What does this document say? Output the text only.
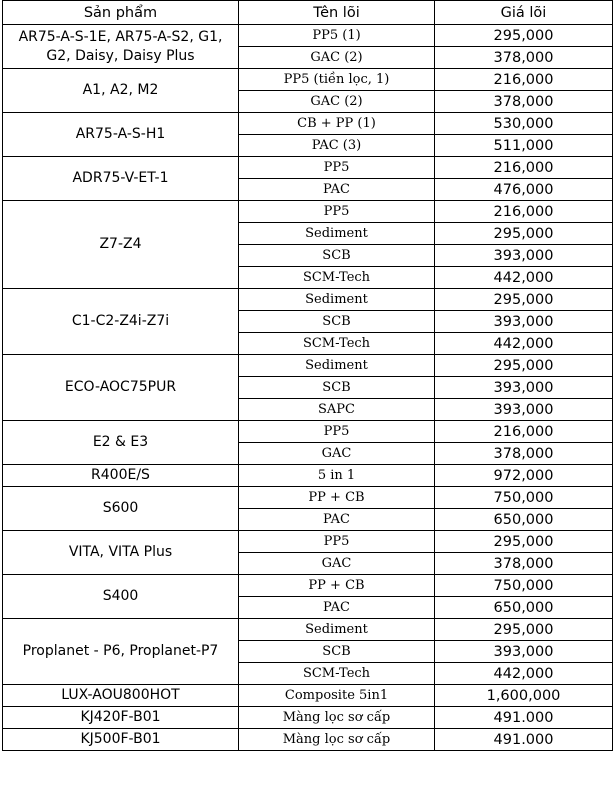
Sản phẩm	Tên lõi	Giá lõi
AR75-A-S-1E, AR75-A-S2, G1, G2, Daisy, Daisy Plus	PP5 (1)	295,000
	GAC (2)	378,000
A1, A2, M2	PP5 (tiền lọc, 1)	216,000
	GAC (2)	378,000
AR75-A-S-H1	CB + PP (1)	530,000
	PAC (3)	511,000
ADR75-V-ET-1	PP5	216,000
	PAC	476,000
Z7-Z4	PP5	216,000
	Sediment	295,000
	SCB	393,000
	SCM-Tech	442,000
C1-C2-Z4i-Z7i	Sediment	295,000
	SCB	393,000
	SCM-Tech	442,000
ECO-AOC75PUR	Sediment	295,000
	SCB	393,000
	SAPC	393,000
E2 & E3	PP5	216,000
	GAC	378,000
R400E/S	5 in 1	972,000
S600	PP + CB	750,000
	PAC	650,000
VITA, VITA Plus	PP5	295,000
	GAC	378,000
S400	PP + CB	750,000
	PAC	650,000
Proplanet - P6, Proplanet-P7	Sediment	295,000
	SCB	393,000
	SCM-Tech	442,000
LUX-AOU800HOT	Composite 5in1	1,600,000
KJ420F-B01	Màng lọc sơ cấp	491.000
KJ500F-B01	Màng lọc sơ cấp	491.000
